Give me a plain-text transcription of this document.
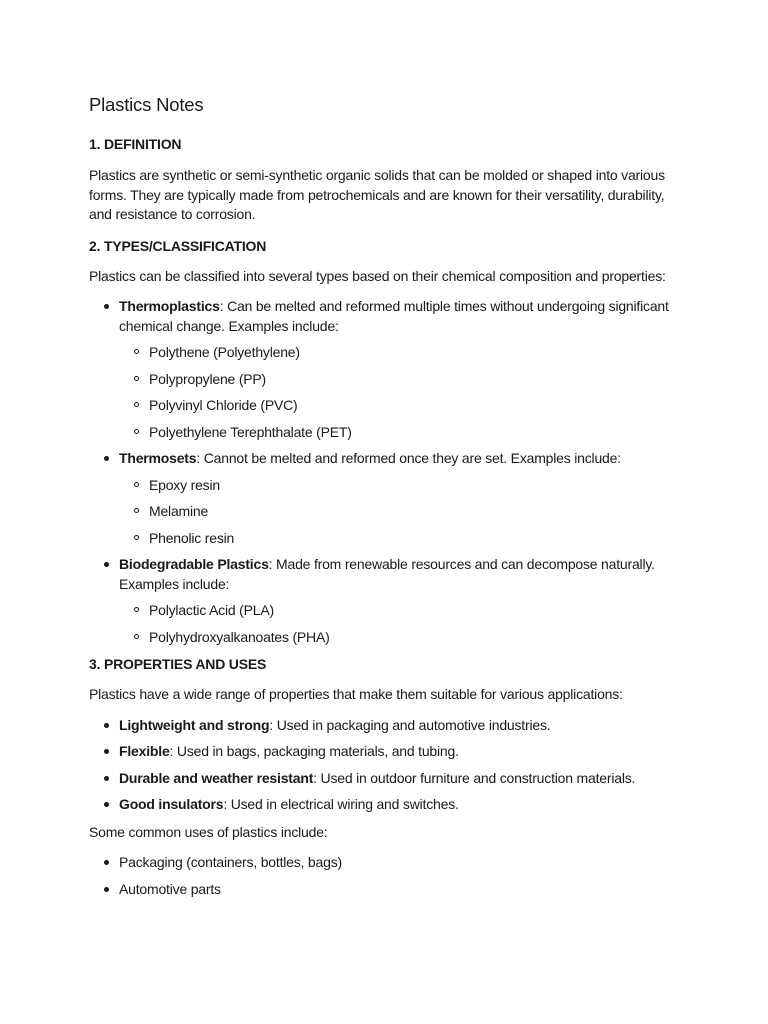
Plastics Notes
1. DEFINITION

Plastics are synthetic or semi-synthetic organic solids that can be molded or shaped into various forms. They are typically made from petrochemicals and are known for their versatility, durability, and resistance to corrosion.

2. TYPES/CLASSIFICATION

Plastics can be classified into several types based on their chemical composition and properties:

Thermoplastics: Can be melted and reformed multiple times without undergoing significant chemical change. Examples include:
Polythene (Polyethylene)
Polypropylene (PP)
Polyvinyl Chloride (PVC)
Polyethylene Terephthalate (PET)
Thermosets: Cannot be melted and reformed once they are set. Examples include:
Epoxy resin
Melamine
Phenolic resin
Biodegradable Plastics: Made from renewable resources and can decompose naturally. Examples include:
Polylactic Acid (PLA)
Polyhydroxyalkanoates (PHA)
3. PROPERTIES AND USES

Plastics have a wide range of properties that make them suitable for various applications:

Lightweight and strong: Used in packaging and automotive industries.
Flexible: Used in bags, packaging materials, and tubing.
Durable and weather resistant: Used in outdoor furniture and construction materials.
Good insulators: Used in electrical wiring and switches.

Some common uses of plastics include:

Packaging (containers, bottles, bags)
Automotive parts
